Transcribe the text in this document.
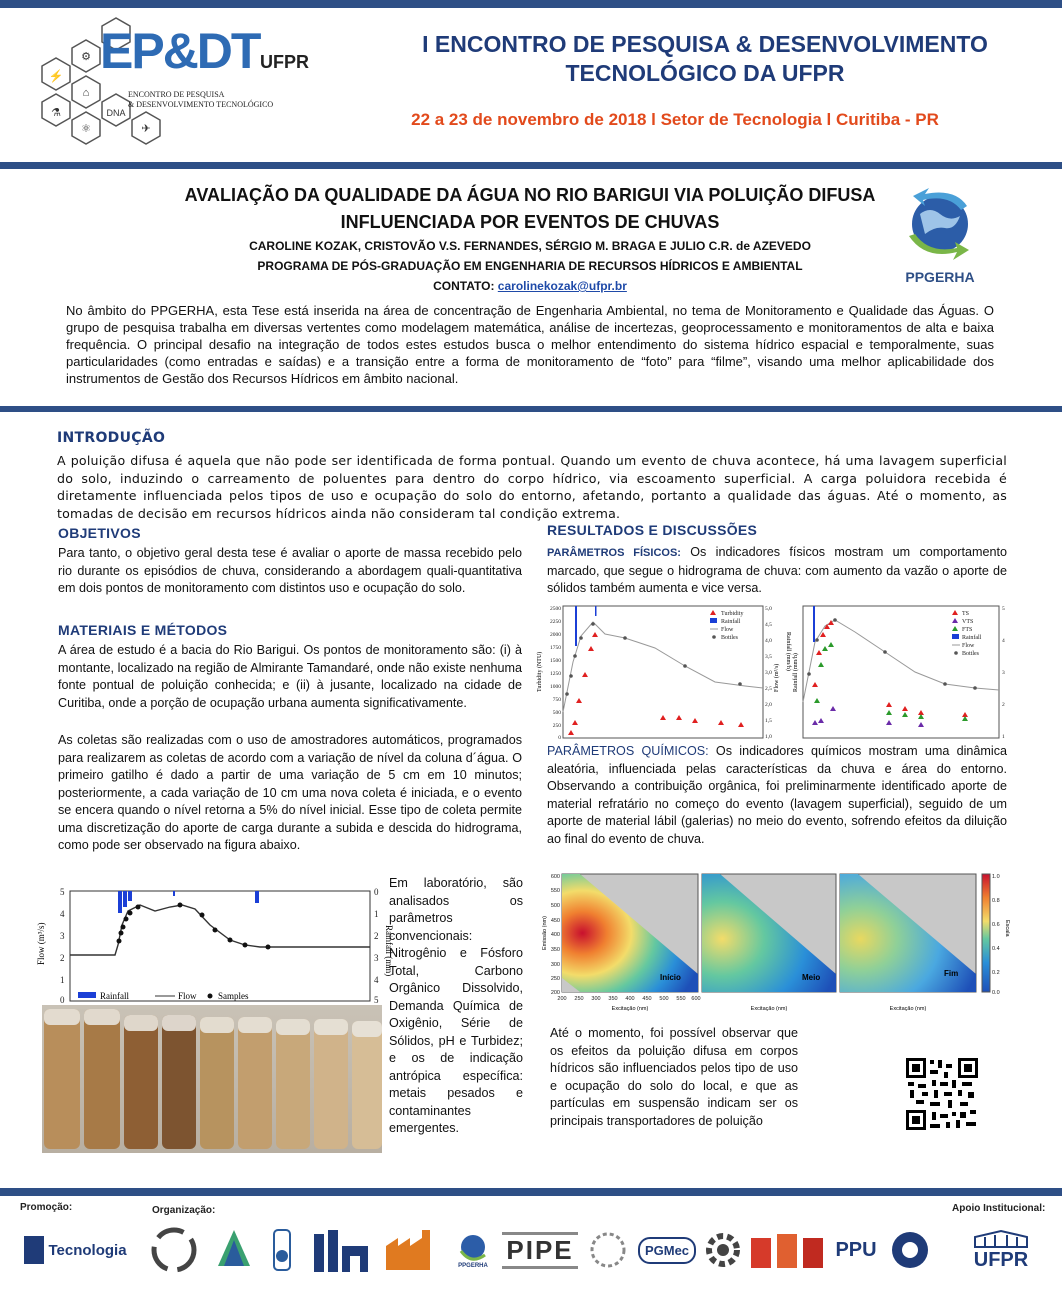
⚡
⚙
⌂
⚗	DNA
⚛	✈
EP&DT UFPR
ENCONTRO DE PESQUISA
& DESENVOLVIMENTO TECNOLÓGICO
I ENCONTRO DE PESQUISA & DESENVOLVIMENTO
TECNOLÓGICO DA UFPR
22 a 23 de novembro de 2018 l Setor de Tecnologia l Curitiba - PR
AVALIAÇÃO DA QUALIDADE DA ÁGUA NO RIO BARIGUI VIA POLUIÇÃO DIFUSA
INFLUENCIADA POR EVENTOS DE CHUVAS
CAROLINE KOZAK, CRISTOVÃO V.S. FERNANDES, SÉRGIO M. BRAGA E JULIO C.R. de AZEVEDO
PROGRAMA DE PÓS-GRADUAÇÃO EM ENGENHARIA DE RECURSOS HÍDRICOS E AMBIENTAL
CONTATO: carolinekozak@ufpr.br
PPGERHA
No âmbito do PPGERHA, esta Tese está inserida na área de concentração de Engenharia Ambiental, no tema de Monitoramento e Qualidade das Águas. O grupo de pesquisa trabalha em diversas vertentes como modelagem matemática, análise de incertezas, geoprocessamento e monitoramentos de alta e baixa frequência. O principal desafio na integração de todos estes estudos busca o melhor entendimento do sistema hídrico espacial e temporalmente, suas particularidades (como entradas e saídas) e a transição entre a forma de monitoramento de “foto” para “filme”, visando uma melhor aplicabilidade dos instrumentos de Gestão dos Recursos Hídricos em âmbito nacional.
INTRODUÇÃO
A poluição difusa é aquela que não pode ser identificada de forma pontual. Quando um evento de chuva acontece, há uma lavagem superficial do solo, induzindo o carreamento de poluentes para dentro do corpo hídrico, via escoamento superficial. A carga poluidora recebida é diretamente influenciada pelos tipos de uso e ocupação do solo do entorno, afetando, portanto a qualidade das águas. Até o momento, as tomadas de decisão em recursos hídricos ainda não consideram tal condição extrema.
OBJETIVOS
Para tanto, o objetivo geral desta tese é avaliar o aporte de massa recebido pelo rio durante os episódios de chuva, considerando a abordagem quali-quantitativa em dois pontos de monitoramento com distintos uso e ocupação do solo.
MATERIAIS E MÉTODOS
A área de estudo é a bacia do Rio Barigui. Os pontos de monitoramento são: (i) à montante, localizado na região de Almirante Tamandaré, onde não existe nenhuma fonte pontual de poluição conhecida; e (ii) à jusante, localizado na cidade de Curitiba, onde a porção de ocupação urbana aumenta significativamente.
As coletas são realizadas com o uso de amostradores automáticos, programados para realizarem as coletas de acordo com a variação de nível da coluna d´água. O primeiro gatilho é dado a partir de uma variação de 5 cm em 10 minutos; posteriormente, a cada variação de 10 cm uma nova coleta é iniciada, e o evento se encera quando o nível retorna a 5% do nível inicial. Esse tipo de coleta permite uma discretização do aporte de carga durante a subida e descida do hidrograma, como pode ser observado na figura abaixo.
5
4
3
2
1
0
0
1
2
3
4
5
Flow (m³/s)	Rainfall (mm)
Rainfall	Flow Samples
Em laboratório, são analisados os parâmetros convencionais: Nitrogênio e Fósforo Total, Carbono Orgânico Dissolvido, Demanda Química de Oxigênio, Série de Sólidos, pH e Turbidez; e os de indicação antrópica específica: metais pesados e contaminantes emergentes.
RESULTADOS E DISCUSSÕES
PARÂMETROS FÍSICOS: Os indicadores físicos mostram um comportamento marcado, que segue o hidrograma de chuva: com aumento da vazão o aporte de sólidos também aumenta e vice versa.
Turbidity
Rainfall
Flow
Bottles
2500
2250
2000
1750
1500
1250
1000
750
500
250
0
Turbidity (NTU)
5,0
4,5
4,0
3,5
3,0
2,5
2,0
1,5
1,0
Flow (m³/s)
Rainfall (mm/h)
TS
VTS
FTS
Rainfall
Flow
Bottles
Rainfall (mm/h)
5
4
3
2
1
PARÂMETROS QUÍMICOS: Os indicadores químicos mostram uma dinâmica aleatória, influenciada pelas características da chuva e área do entorno. Observando a contribuição orgânica, foi preliminarmente identificado aporte de material refratário no começo do evento (lavagem superficial), seguido de um aporte de material lábil (galerias) no meio do evento, sofrendo efeitos da diluição ao final do evento de chuva.
Início	Meio	Fim
1.0
0.8
0.6
0.4
0.2
0.0
Escala
600
550
500
450
400
350
300
250
200
Emissão (nm)
200 250 300 350 400 450 500 550 600
Excitação (nm)	Excitação (nm)	Excitação (nm)
Até o momento, foi possível observar que os efeitos da poluição difusa em corpos hídricos são influenciados pelos tipo de uso e ocupação do solo do local, e que as partículas em suspensão indicam ser os principais transportadores de poluição
Promoção:	Organização:	Apoio Institucional:
Tecnologia
PPGERHA
PIPE	PGMec	PPU	UFPR
